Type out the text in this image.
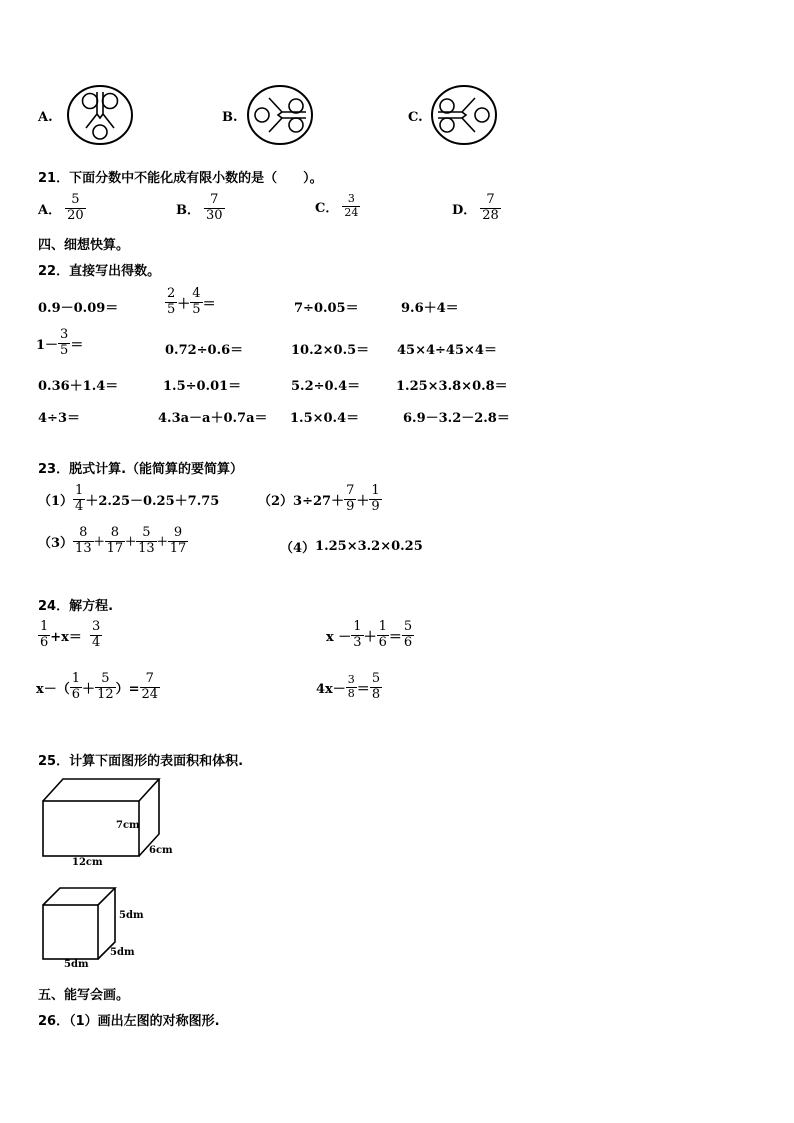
A.	B.	C.
21．下面分数中不能化成有限小数的是（　　）。
A． $\frac{5}{20}$	B． $\frac{7}{30}$	C． $\frac{3}{24}$	D． $\frac{7}{28}$
四、细想快算。
22．直接写出得数。
0.9－0.09＝	$\frac{2}{5} + \frac{4}{5}$ ＝	7÷0.05＝	9.6＋4＝
$1- \frac{3}{5}$ ＝	0.72÷0.6＝	10.2×0.5＝ 45×4÷45×4＝
0.36＋1.4＝	1.5÷0.01＝	5.2÷0.4＝	1.25×3.8×0.8＝
4÷3＝	4.3a－a＋0.7a＝ 1.5×0.4＝	6.9－3.2－2.8＝
23．脱式计算.（能简算的要简算）
$(1) \frac{1}{4} +2.25-0.25+7.75$	（2） $3\div 27+ \frac{7}{9} + \frac{1}{9}$
$(3) \frac{8}{13} + \frac{8}{17} + \frac{5}{13} + \frac{9}{17}$	（4） 1.25×3.2×0.25
24．解方程.
$\frac{1}{6} +x= \frac{3}{4}$	$x - \frac{1}{3} + \frac{1}{6} = \frac{5}{6}$
$x-( \frac{1}{6} + \frac{5}{12}$ ）= $\frac{7}{24}$	$4x- \frac{3}{8} = \frac{5}{8}$
25．计算下面图形的表面积和体积.
7cm
12cm
6cm
5dm
5dm
5dm
五、能写会画。
26．（1）画出左图的对称图形.
